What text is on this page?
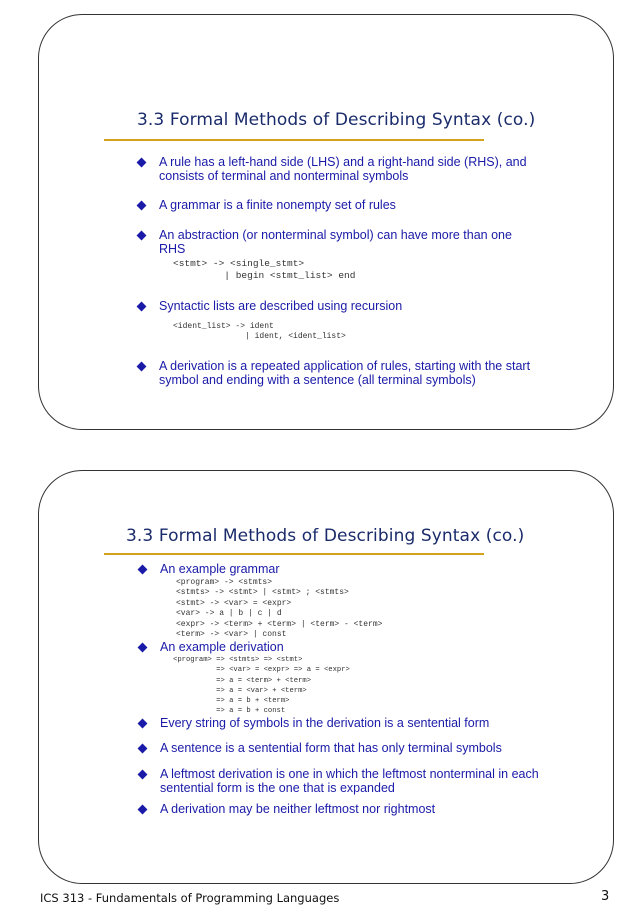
3.3 Formal Methods of Describing Syntax (co.)
A rule has a left-hand side (LHS) and a right-hand side (RHS), and consists of terminal and nonterminal symbols
A grammar is a finite nonempty set of rules
An abstraction (or nonterminal symbol) can have more than one RHS
<stmt> -> <single_stmt>
| begin <stmt_list> end
Syntactic lists are described using recursion
<ident_list> -> ident
| ident, <ident_list>
A derivation is a repeated application of rules, starting with the start symbol and ending with a sentence (all terminal symbols)
3.3 Formal Methods of Describing Syntax (co.)
An example grammar
<program> -> <stmts>
<stmts> -> <stmt> | <stmt> ; <stmts>
<stmt> -> <var> = <expr>
<var> -> a | b | c | d
<expr> -> <term> + <term> | <term> - <term>
<term> -> <var> | const
An example derivation
<program> => <stmts> => <stmt>
=> <var> = <expr> => a = <expr>
=> a = <term> + <term>
=> a = <var> + <term>
=> a = b + <term>
=> a = b + const
Every string of symbols in the derivation is a sentential form
A sentence is a sentential form that has only terminal symbols
A leftmost derivation is one in which the leftmost nonterminal in each sentential form is the one that is expanded
A derivation may be neither leftmost nor rightmost
ICS 313 - Fundamentals of Programming Languages	3
